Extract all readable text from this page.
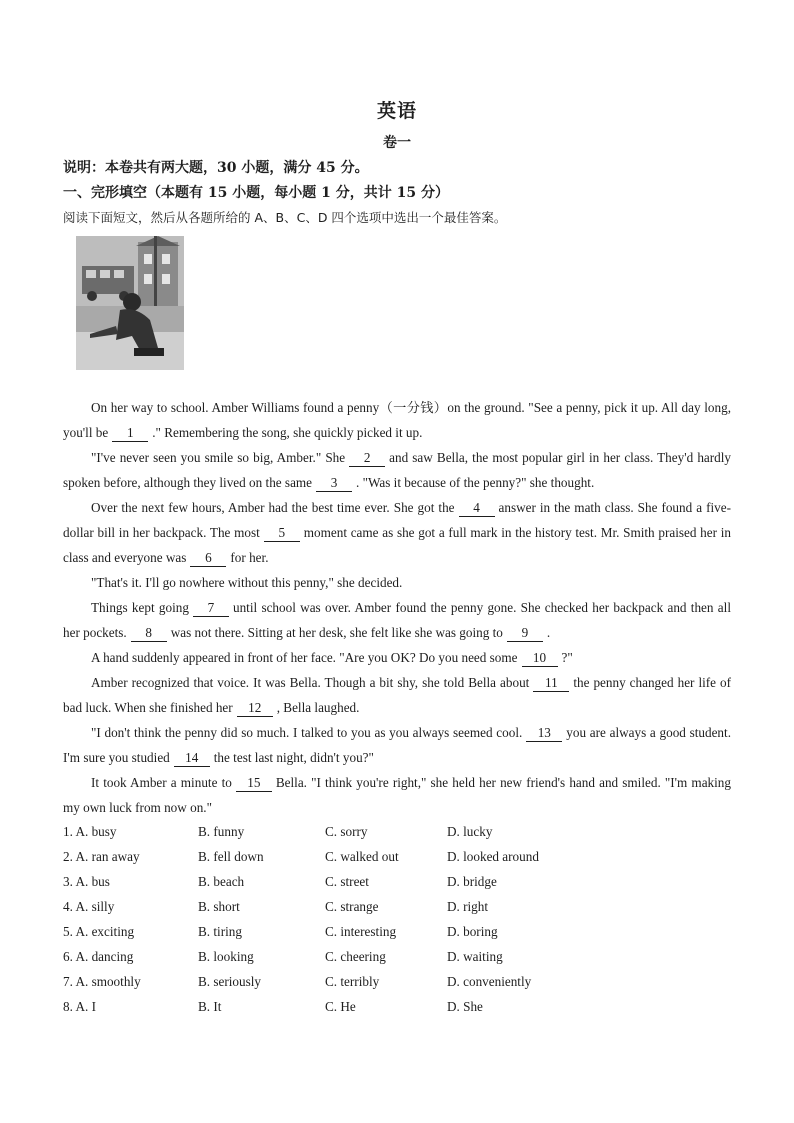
英语
卷一
说明：本卷共有两大题，30 小题，满分 45 分。
一、完形填空（本题有 15 小题，每小题 1 分，共计 15 分）
阅读下面短文，然后从各题所给的 A、B、C、D 四个选项中选出一个最佳答案。

On her way to school. Amber Williams found a penny（一分钱）on the ground. "See a penny, pick it up. All day long, you'll be 1 ." Remembering the song, she quickly picked it up.

"I've never seen you smile so big, Amber." She 2 and saw Bella, the most popular girl in her class. They'd hardly spoken before, although they lived on the same 3 . "Was it because of the penny?" she thought.

Over the next few hours, Amber had the best time ever. She got the 4 answer in the math class. She found a five-dollar bill in her backpack. The most 5 moment came as she got a full mark in the history test. Mr. Smith praised her in class and everyone was 6 for her.

"That's it. I'll go nowhere without this penny," she decided.

Things kept going 7 until school was over. Amber found the penny gone. She checked her backpack and then all her pockets. 8 was not there. Sitting at her desk, she felt like she was going to 9 .

A hand suddenly appeared in front of her face. "Are you OK? Do you need some 10 ?"

Amber recognized that voice. It was Bella. Though a bit shy, she told Bella about 11 the penny changed her life of bad luck. When she finished her 12 , Bella laughed.

"I don't think the penny did so much. I talked to you as you always seemed cool. 13 you are always a good student. I'm sure you studied 14 the test last night, didn't you?"

It took Amber a minute to 15 Bella. "I think you're right," she held her new friend's hand and smiled. "I'm making my own luck from now on."

1. A. busy	B. funny	C. sorry	D. lucky
2. A. ran away	B. fell down	C. walked out	D. looked around
3. A. bus	B. beach	C. street	D. bridge
4. A. silly	B. short	C. strange	D. right
5. A. exciting	B. tiring	C. interesting	D. boring
6. A. dancing	B. looking	C. cheering	D. waiting
7. A. smoothly	B. seriously	C. terribly	D. conveniently
8. A. I	B. It	C. He	D. She
